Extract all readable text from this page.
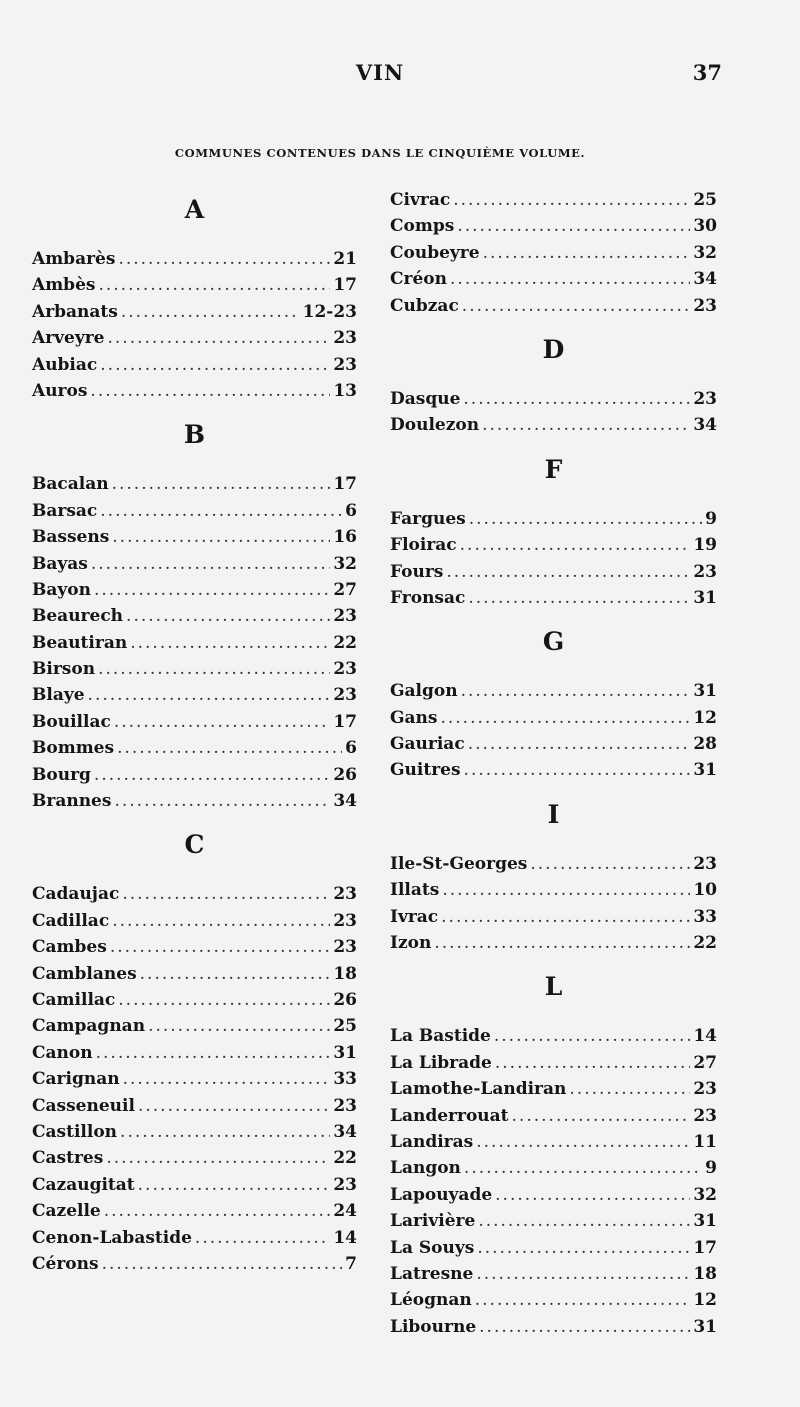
VIN	37
COMMUNES CONTENUES DANS LE CINQUIÈME VOLUME.
A
Ambarès .....	21
Ambès .....	17
Arbanats .....	12-23
Arveyre .....	23
Aubiac .....	23
Auros .....	13
B
Bacalan .....	17
Barsac .....	6
Bassens .....	16
Bayas .....	32
Bayon .....	27
Beaurech .....	23
Beautiran .....	22
Birson .....	23
Blaye .....	23
Bouillac .....	17
Bommes .....	6
Bourg .....	26
Brannes .....	34
C
Cadaujac .....	23
Cadillac .....	23
Cambes .....	23
Camblanes .....	18
Camillac .....	26
Campagnan .....	25
Canon .....	31
Carignan .....	33
Casseneuil .....	23
Castillon .....	34
Castres .....	22
Cazaugitat .....	23
Cazelle .....	24
Cenon-Labastide .....	14
Cérons .....	7
Civrac .....	25
Comps .....	30
Coubeyre .....	32
Créon .....	34
Cubzac .....	23
D
Dasque .....	23
Doulezon .....	34
F
Fargues .....	9
Floirac .....	19
Fours .....	23
Fronsac .....	31
G
Galgon .....	31
Gans .....	12
Gauriac .....	28
Guitres .....	31
I
Ile-St-Georges .....	23
Illats .....	10
Ivrac .....	33
Izon .....	22
L
La Bastide .....	14
La Librade .....	27
Lamothe-Landiran .....	23
Landerrouat .....	23
Landiras .....	11
Langon .....	9
Lapouyade .....	32
Larivière .....	31
La Souys .....	17
Latresne .....	18
Léognan .....	12
Libourne .....	31
